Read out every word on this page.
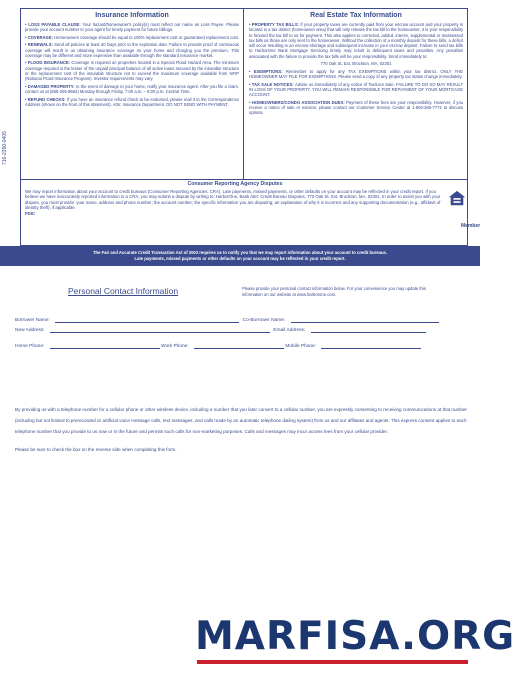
716-2350-0405
Insurance Information

• LOSS PAYABLE CLAUSE: Your hazard/homeowner's policy(s) must reflect our name as Loss Payee. Please provide your account number to your agent for timely payment for future billings.

• COVERAGE: Homeowners coverage should be equal to 100% replacement cost or guaranteed replacement cost.

• RENEWALS: Send all policies at least 30 Days prior to the expiration date. Failure to provide proof of continuous coverage will result in us obtaining insurance coverage on your home and charging you the premium. This coverage may be different and more expensive than available through the standard insurance market.

• FLOOD INSURANCE: Coverage is required on properties located in a Special Flood Hazard Area. The minimum coverage required is the lesser of the unpaid principal balance of all active loans secured by the insurable structure or the replacement cost of the insurable structure not to exceed the maximum coverage available from NFIP (National Flood Insurance Program). Investor requirements may vary.

• DAMAGED PROPERTY: In the event of damage to your home, notify your insurance agent. After you file a claim, contact us at (855-205-8662) Monday through Friday, 7:00 a.m. – 8:00 p.m. Central Time.

• REFUND CHECKS: If you have an insurance refund check to be endorsed, please mail it to the Correspondence Address (shown on the front of this statement). Attn: Insurance Department. DO NOT SEND WITH PAYMENT.

Real Estate Tax Information

• PROPERTY TAX BILLS: If your property taxes are currently paid from your escrow account and your property is located in a tax district (homeowner area) that will only release the tax bill to the homeowner, it is your responsibility to forward the tax bill to us for payment. This also applies to corrected, added, interim, supplemental or reassessed tax bills as those are only sent to the homeowner. Without the collection of a monthly deposit for these bills, a deficit will occur resulting in an escrow shortage and subsequent increase in your escrow deposit. Failure to send tax bills to HarborOne Bank Mortgage Servicing timely may result in delinquent taxes and penalties. Any penalties associated with the failure to provide the tax bills will be your responsibility. Send immediately to:

770 Oak St. Ext, Brockton, MA, 02301

• EXEMPTIONS: Remember to apply for any TAX EXEMPTIONS within your tax district. ONLY THE HOMEOWNER MAY FILE FOR EXEMPTIONS. Please send a copy of any property tax status change immediately.

• TAX SALE NOTICES: Advise us immediately of any notice of Tax/Lien Sale. FAILURE TO DO SO MAY RESULT IN LOSS OF YOUR PROPERTY. YOU WILL REMAIN RESPONSIBLE FOR REPAYMENT OF YOUR MORTGAGE ACCOUNT.

• HOMEOWNERS/CONDO ASSOCIATION DUES: Payment of these fees are your responsibility. However, if you receive a notice of sale or eviction, please contact our Customer Service Center at 1-800-365-7772 to discuss options.

Consumer Reporting Agency Disputes

We may report information about your account to credit bureaus (Consumer Reporting Agencies, CRA). Late payments, missed payments, or other defaults on your account may be reflected in your credit report. If you believe we have inaccurately reported information to a CRA, you may submit a dispute by writing to: HarborOne, Bank Attn: Credit Bureau Disputes, 770 Oak St. Ext, Brockton, MA, 02301. In order to assist you with your dispute, you must provide: your name, address and phone number; the account number; the specific information you are disputing; an explanation of why it is incorrect and any supporting documentation (e.g., affidavit of identity theft), if applicable.

FDIC

Member
The Fair and Accurate Credit Transaction Act of 2003 requires us to notify you that we may report information about your account to credit bureaus.
Late payments, missed payments or other defaults on your account may be reflected in your credit report.
Personal Contact Information	Please provide your personal contact information below. For your convenience you may update this information on our website at www.harborone.com.
Borrower Name:	Co-Borrower Name:
New Address:	Email Address:
Home Phone:	Work Phone:	Mobile Phone:

By providing us with a telephone number for a cellular phone or other wireless device, including a number that you later convert to a cellular number, you are expressly consenting to receiving communications at that number (including but not limited to prerecorded or artificial voice message calls, text messages, and calls made by an automatic telephone dialing system) from us and our affiliates and agents. This express consent applies to each telephone number that you provide to us now or in the future and permits such calls for non-marketing purposes. Calls and messages may incur access fees from your cellular provider.

Please be sure to check the box on the reverse side when completing this form.
MARFISA.ORG
